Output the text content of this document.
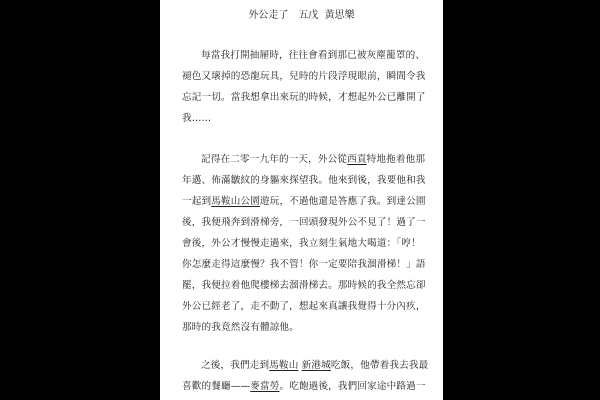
外公走了　五戊 黃思樂
每當我打開抽屜時，往往會看到那已被灰塵籠罩的、
褪色又壞掉的恐龍玩具，兒時的片段浮現眼前，瞬間令我
忘記一切。當我想拿出來玩的時候，才想起外公已離開了
我……
記得在二零一九年的一天，外公從西貢特地拖着他那
年邁、佈滿皺紋的身軀來探望我。他來到後，我要他和我
一起到馬鞍山公園遊玩，不過他還是答應了我。到達公園
後，我便飛奔到滑梯旁，一回頭發現外公不見了！過了一
會後，外公才慢慢走過來，我立刻生氣地大喝道：「哼！
你怎麼走得這麼慢？我不管！你一定要陪我溜滑梯！」語
罷，我便拉着他爬樓梯去溜滑梯去。那時候的我全然忘卻
外公已經老了，走不動了，想起來真讓我覺得十分內疚，
那時的我竟然沒有體諒他。
之後，我們走到馬鞍山 新港城吃飯，他帶着我去我最
喜歡的餐廳——麥當勞。吃飽過後，我們回家途中路過一
